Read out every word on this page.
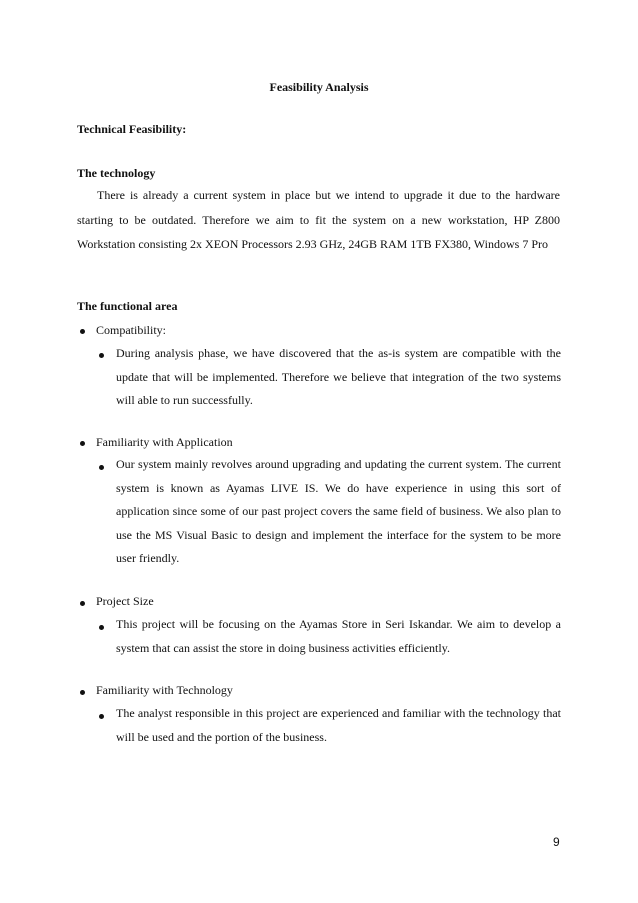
Feasibility Analysis
Technical Feasibility:
The technology
There is already a current system in place but we intend to upgrade it due to the hardware starting to be outdated. Therefore we aim to fit the system on a new workstation, HP Z800 Workstation consisting 2x XEON Processors 2.93 GHz, 24GB RAM 1TB FX380, Windows 7 Pro
The functional area
Compatibility:
During analysis phase, we have discovered that the as-is system are compatible with the update that will be implemented. Therefore we believe that integration of the two systems will able to run successfully.
Familiarity with Application
Our system mainly revolves around upgrading and updating the current system. The current system is known as Ayamas LIVE IS. We do have experience in using this sort of application since some of our past project covers the same field of business. We also plan to use the MS Visual Basic to design and implement the interface for the system to be more user friendly.
Project Size
This project will be focusing on the Ayamas Store in Seri Iskandar. We aim to develop a system that can assist the store in doing business activities efficiently.
Familiarity with Technology
The analyst responsible in this project are experienced and familiar with the technology that will be used and the portion of the business.
9
